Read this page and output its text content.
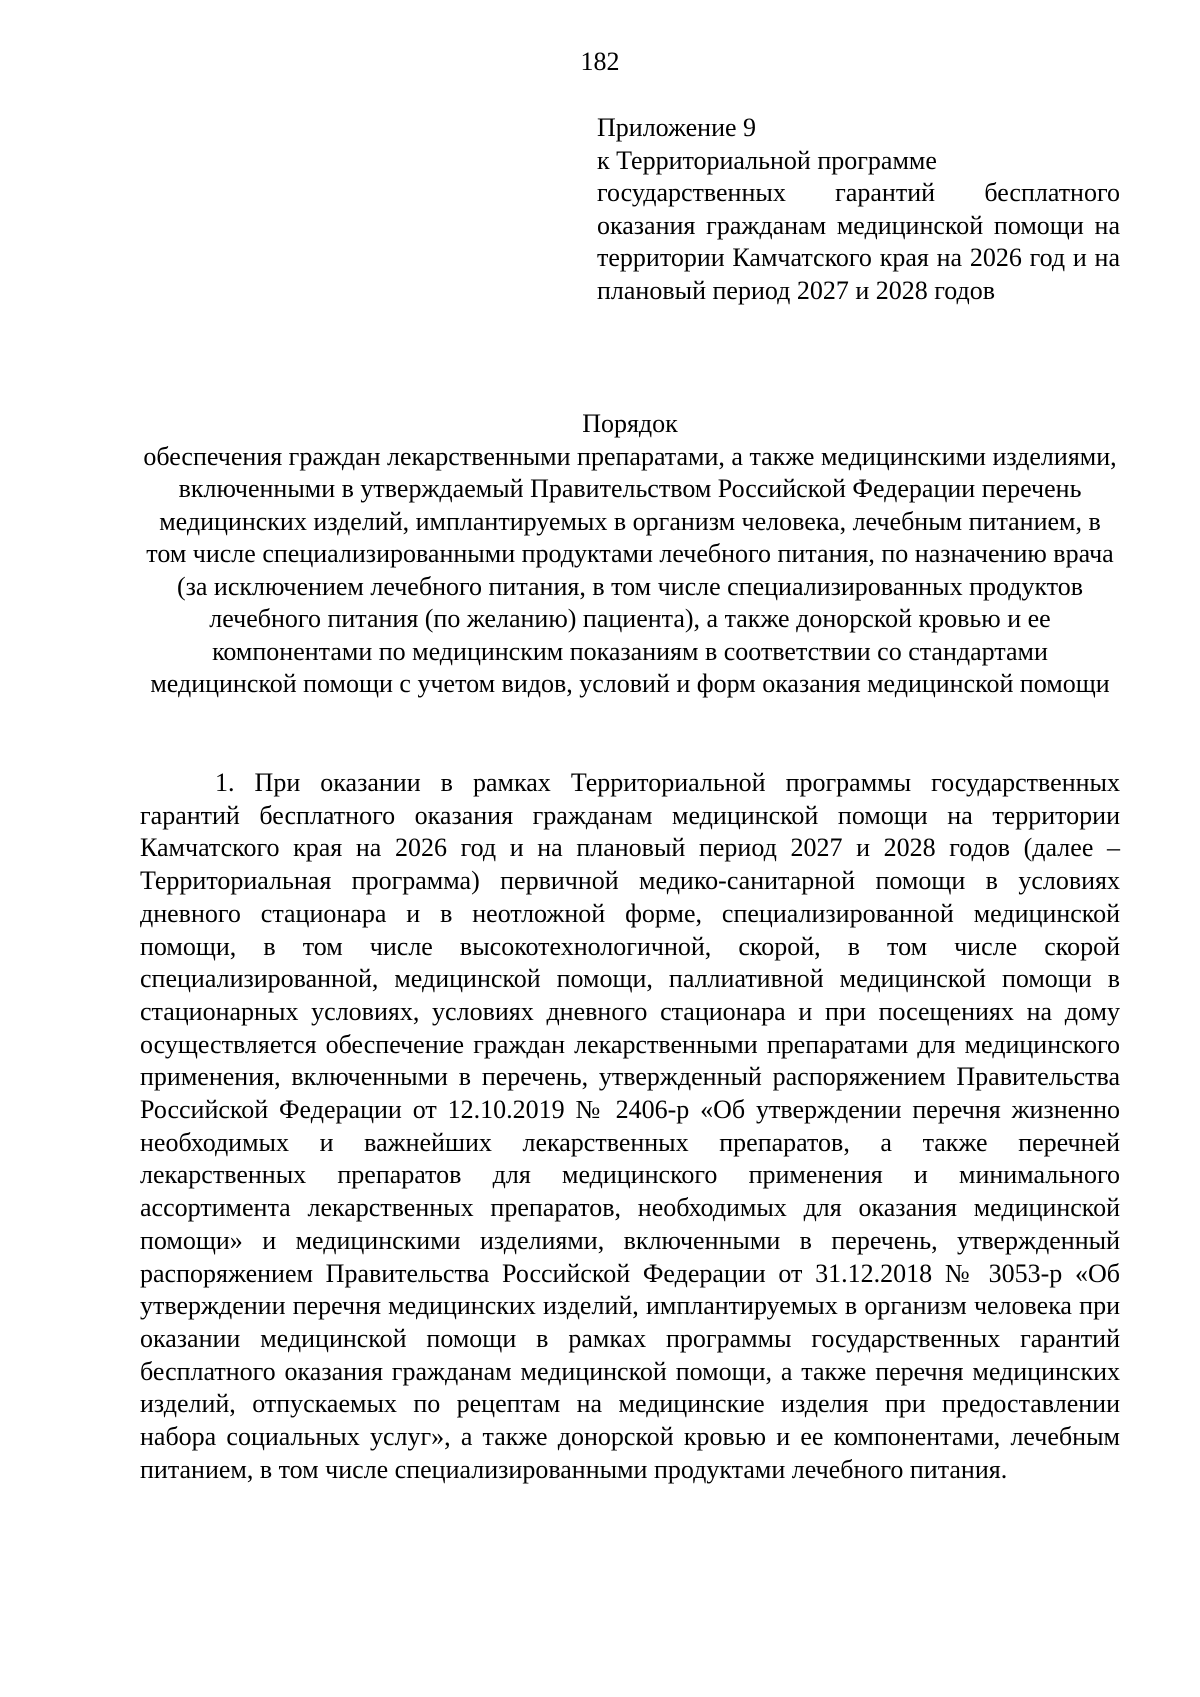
182
Приложение 9
к Территориальной программе
государственных гарантий бесплатного оказания гражданам медицинской помощи на территории Камчатского края на 2026 год и на плановый период 2027 и 2028 годов
Порядок
обеспечения граждан лекарственными препаратами, а также медицинскими изделиями, включенными в утверждаемый Правительством Российской Федерации перечень медицинских изделий, имплантируемых в организм человека, лечебным питанием, в том числе специализированными продуктами лечебного питания, по назначению врача (за исключением лечебного питания, в том числе специализированных продуктов лечебного питания (по желанию) пациента), а также донорской кровью и ее компонентами по медицинским показаниям в соответствии со стандартами медицинской помощи с учетом видов, условий и форм оказания медицинской помощи

1. При оказании в рамках Территориальной программы государственных гарантий бесплатного оказания гражданам медицинской помощи на территории Камчатского края на 2026 год и на плановый период 2027 и 2028 годов (далее – Территориальная программа) первичной медико-санитарной помощи в условиях дневного стационара и в неотложной форме, специализированной медицинской помощи, в том числе высокотехнологичной, скорой, в том числе скорой специализированной, медицинской помощи, паллиативной медицинской помощи в стационарных условиях, условиях дневного стационара и при посещениях на дому осуществляется обеспечение граждан лекарственными препаратами для медицинского применения, включенными в перечень, утвержденный распоряжением Правительства Российской Федерации от 12.10.2019 № 2406-р «Об утверждении перечня жизненно необходимых и важнейших лекарственных препаратов, а также перечней лекарственных препаратов для медицинского применения и минимального ассортимента лекарственных препаратов, необходимых для оказания медицинской помощи» и медицинскими изделиями, включенными в перечень, утвержденный распоряжением Правительства Российской Федерации от 31.12.2018 № 3053-р «Об утверждении перечня медицинских изделий, имплантируемых в организм человека при оказании медицинской помощи в рамках программы государственных гарантий бесплатного оказания гражданам медицинской помощи, а также перечня медицинских изделий, отпускаемых по рецептам на медицинские изделия при предоставлении набора социальных услуг», а также донорской кровью и ее компонентами, лечебным питанием, в том числе специализированными продуктами лечебного питания.
